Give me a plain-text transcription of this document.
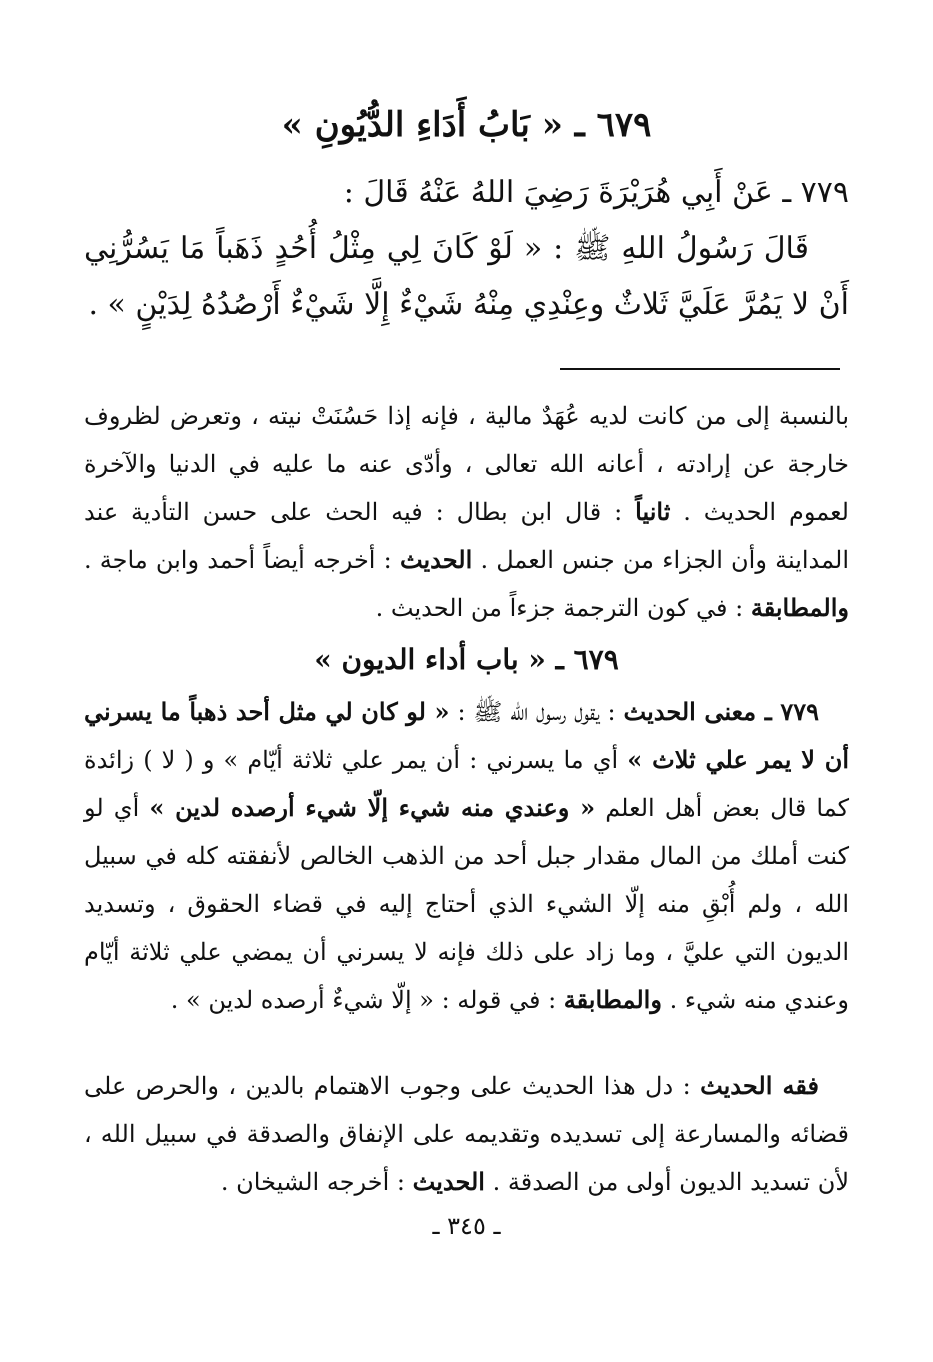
٦٧٩ ـ « بَابُ أَدَاءِ الدُّيُونِ »

٧٧٩ ـ عَنْ أَبِي هُرَيْرَةَ رَضِيَ اللهُ عَنْهُ قَالَ :

قَالَ رَسُولُ اللهِ ﷺ : « لَوْ كَانَ لِي مِثْلُ أُحُدٍ ذَهَباً مَا يَسُرُّنِي أَنْ لا يَمُرَّ عَلَيَّ ثَلاثٌ وعِنْدِي مِنْهُ شَيْءٌ إِلَّا شَيْءٌ أَرْصُدُهُ لِدَيْنٍ » .

بالنسبة إلى من كانت لديه عُهَدٌ مالية ، فإنه إذا حَسُنَتْ نيته ، وتعرض لظروف خارجة عن إرادته ، أعانه الله تعالى ، وأدّى عنه ما عليه في الدنيا والآخرة لعموم الحديث . ثانياً : قال ابن بطال : فيه الحث على حسن التأدية عند المداينة وأن الجزاء من جنس العمل . الحديث : أخرجه أيضاً أحمد وابن ماجة . والمطابقة : في كون الترجمة جزءاً من الحديث .

٦٧٩ ـ « باب أداء الديون »

٧٧٩ ـ معنى الحديث : يقول رسول الله ﷺ : « لو كان لي مثل أحد ذهباً ما يسرني أن لا يمر علي ثلاث » أي ما يسرني : أن يمر علي ثلاثة أيّام » و ( لا ) زائدة كما قال بعض أهل العلم « وعندي منه شيء إلّا شيء أرصده لدين » أي لو كنت أملك من المال مقدار جبل أحد من الذهب الخالص لأنفقته كله في سبيل الله ، ولم أُبْقِ منه إلّا الشيء الذي أحتاج إليه في قضاء الحقوق ، وتسديد الديون التي عليَّ ، وما زاد على ذلك فإنه لا يسرني أن يمضي علي ثلاثة أيّام وعندي منه شيء . والمطابقة : في قوله : « إلّا شيءٌ أرصده لدين » .

فقه الحديث : دل هذا الحديث على وجوب الاهتمام بالدين ، والحرص على قضائه والمسارعة إلى تسديده وتقديمه على الإنفاق والصدقة في سبيل الله ، لأن تسديد الديون أولى من الصدقة . الحديث : أخرجه الشيخان .

ـ ٣٤٥ ـ
